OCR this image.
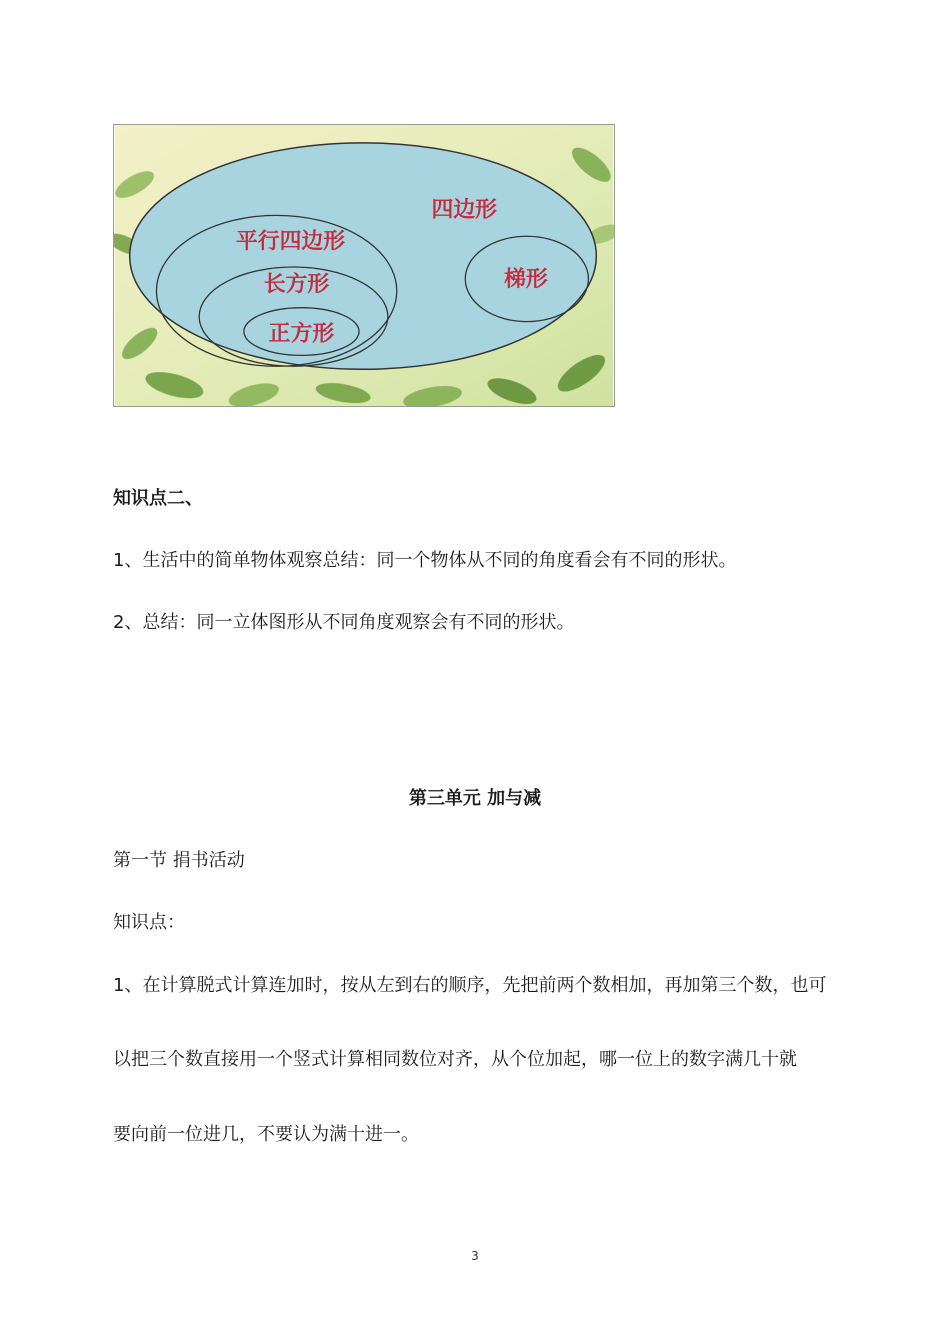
四边形
平行四边形
长方形
正方形
梯形
知识点二、
1、生活中的简单物体观察总结：同一个物体从不同的角度看会有不同的形状。
2、总结：同一立体图形从不同角度观察会有不同的形状。
第三单元 加与减
第一节 捐书活动
知识点：
1、在计算脱式计算连加时，按从左到右的顺序，先把前两个数相加，再加第三个数，也可
以把三个数直接用一个竖式计算相同数位对齐，从个位加起，哪一位上的数字满几十就
要向前一位进几，不要认为满十进一。
3
